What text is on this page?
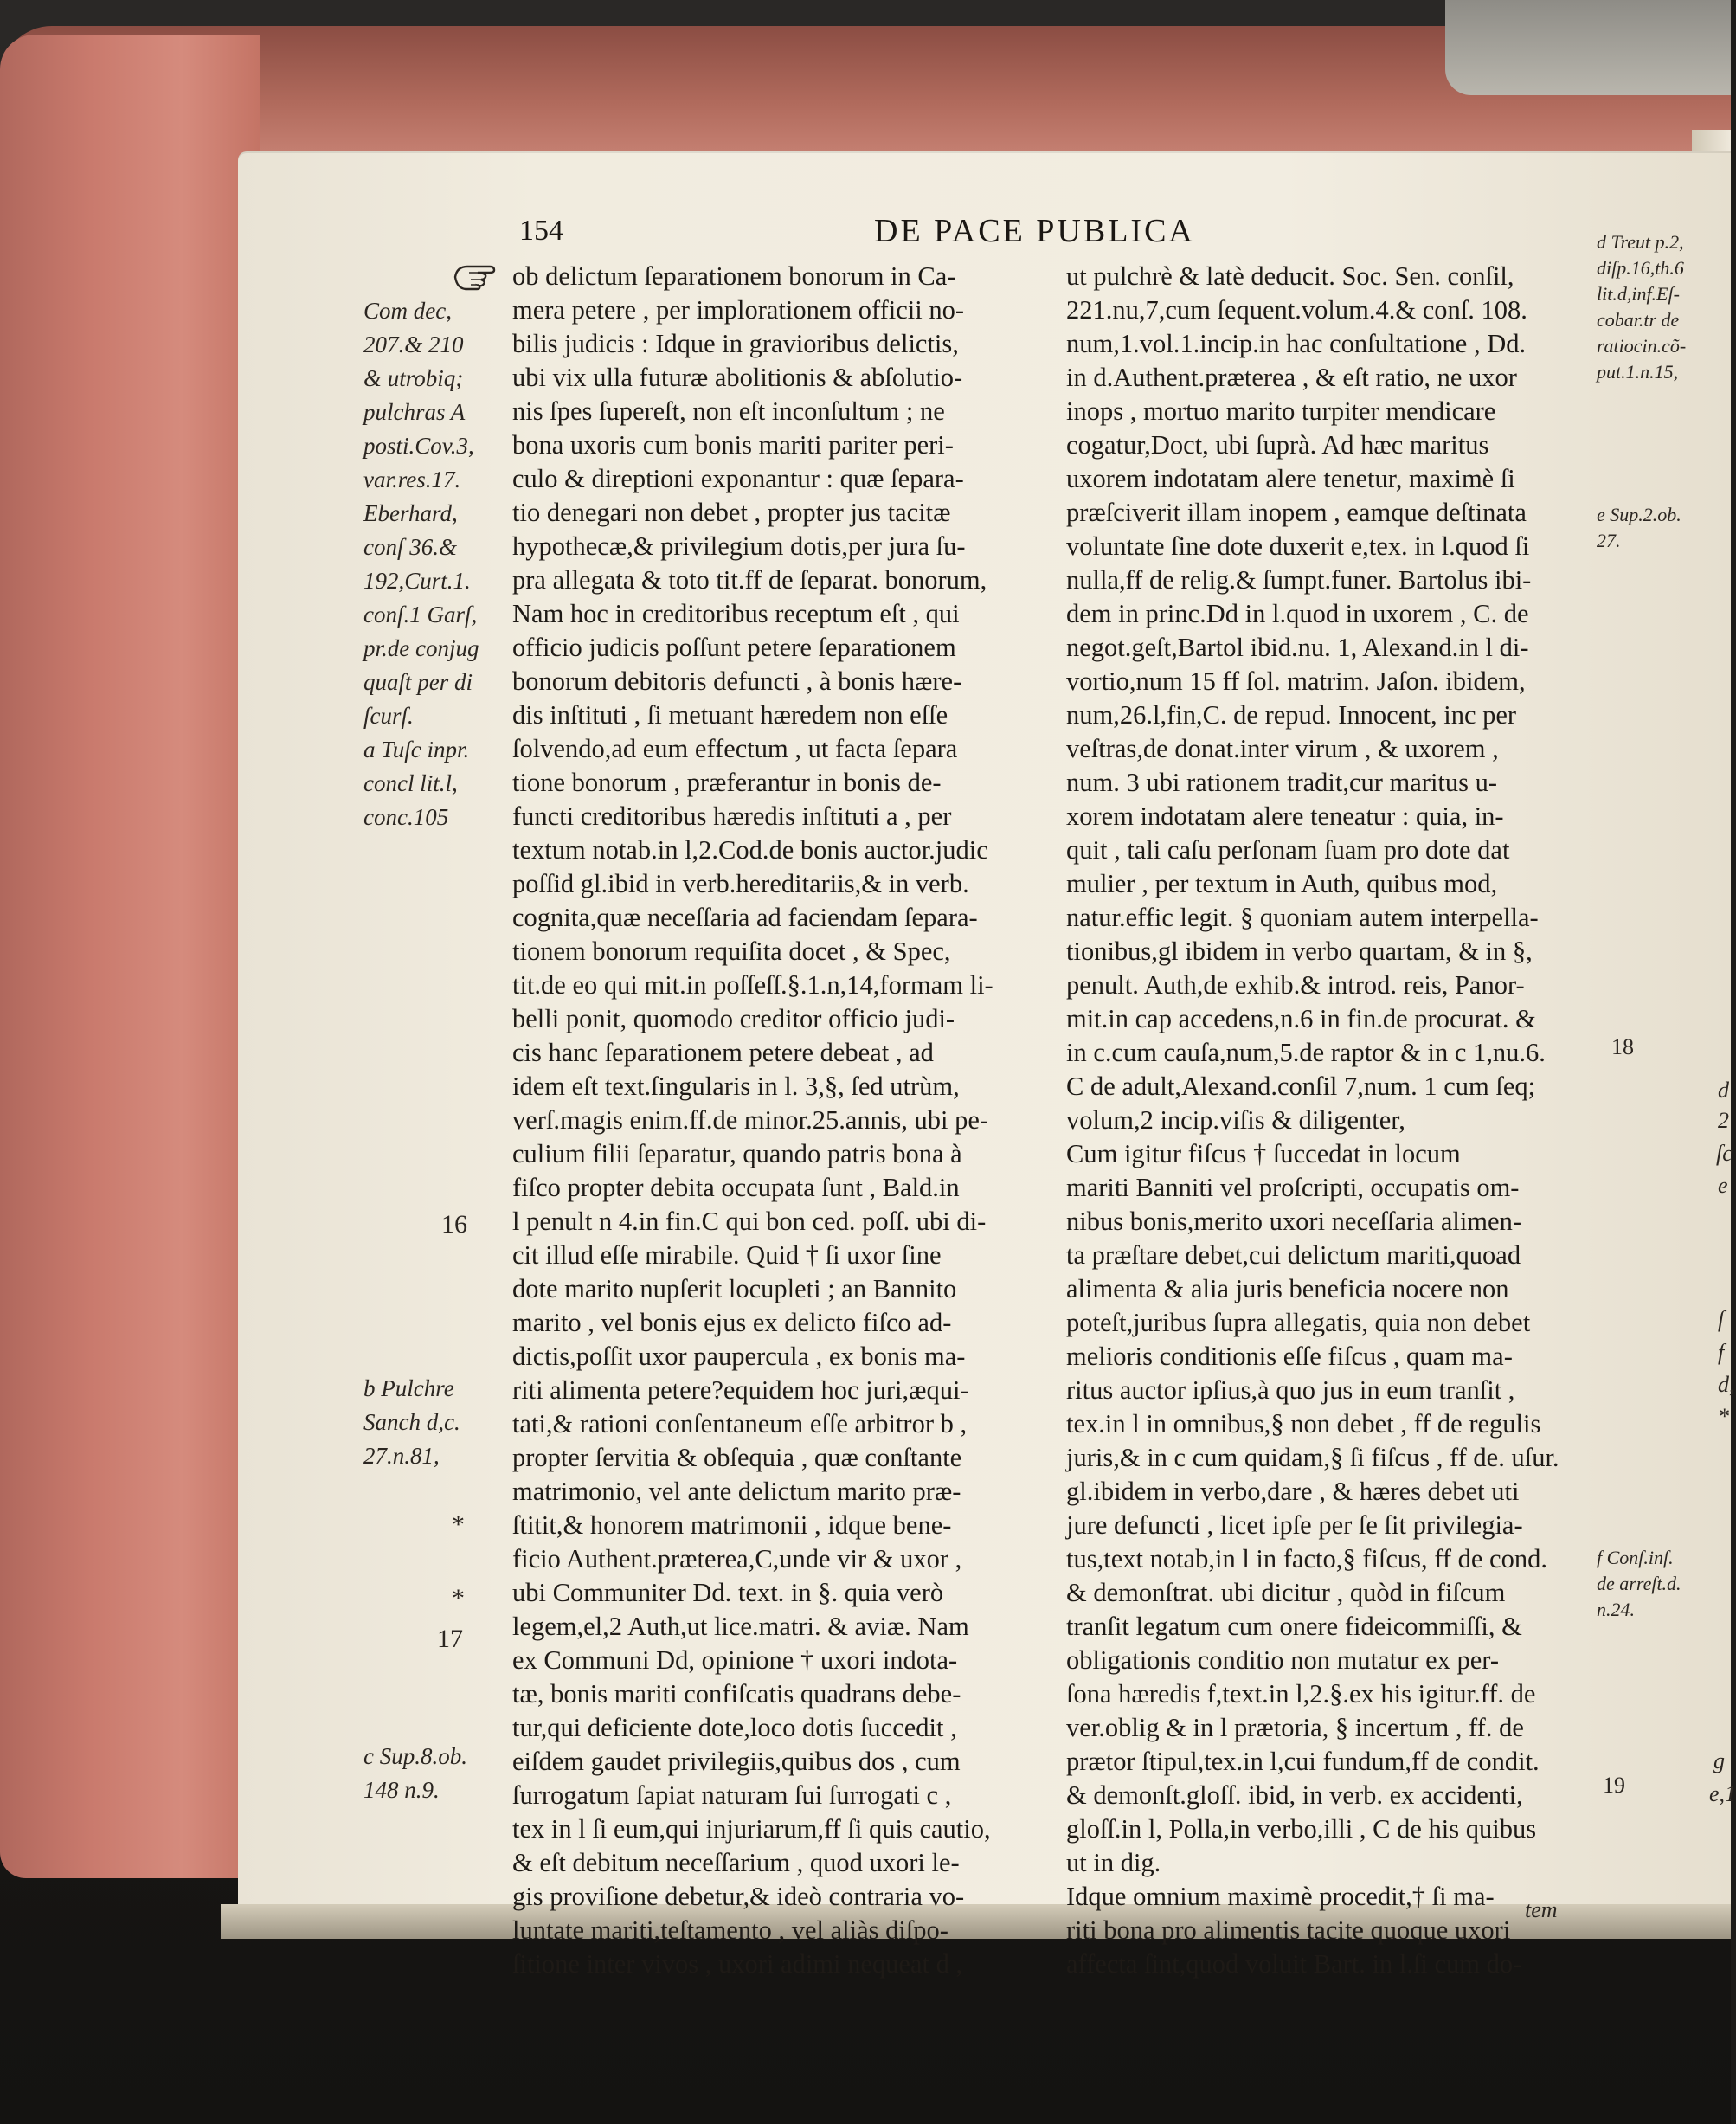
154	DE PACE PUBLICA
Com dec,
207.& 210
& utrobiq;
pulchras A
posti.Cov.3,
var.res.17.
Eberhard,
conſ 36.&
192,Curt.1.
conſ.1 Garſ,
pr.de conjug
quaſt per di
ſcurſ.
a Tuſc inpr.
concl lit.l,
conc.105
16
*
*
17
b Pulchre
Sanch d,c.
27.n.81,
c Sup.8.ob.
148 n.9.
ob delictum ſeparationem bonorum in Ca-
mera petere , per implorationem officii no-
bilis judicis : Idque in gravioribus delictis,
ubi vix ulla futuræ abolitionis & abſolutio-
nis ſpes ſupereſt, non eſt inconſultum ; ne
bona uxoris cum bonis mariti pariter peri-
culo & direptioni exponantur : quæ ſepara-
tio denegari non debet , propter jus tacitæ
hypothecæ,& privilegium dotis,per jura ſu-
pra allegata & toto tit.ff de ſeparat. bonorum,
Nam hoc in creditoribus receptum eſt , qui
officio judicis poſſunt petere ſeparationem
bonorum debitoris defuncti , à bonis hære-
dis inſtituti , ſi metuant hæredem non eſſe
ſolvendo,ad eum effectum , ut facta ſepara
tione bonorum , præferantur in bonis de-
functi creditoribus hæredis inſtituti a , per
textum notab.in l,2.Cod.de bonis auctor.judic
poſſid gl.ibid in verb.hereditariis,& in verb.
cognita,quæ neceſſaria ad faciendam ſepara-
tionem bonorum requiſita docet , & Spec,
tit.de eo qui mit.in poſſeſſ.§.1.n,14,formam li-
belli ponit, quomodo creditor officio judi-
cis hanc ſeparationem petere debeat , ad
idem eſt text.ſingularis in l. 3,§, ſed utrùm,
verſ.magis enim.ff.de minor.25.annis, ubi pe-
culium filii ſeparatur, quando patris bona à
fiſco propter debita occupata ſunt , Bald.in
l penult n 4.in fin.C qui bon ced. poſſ. ubi di-
cit illud eſſe mirabile. Quid † ſi uxor ſine
dote marito nupſerit locupleti ; an Bannito
marito , vel bonis ejus ex delicto fiſco ad-
dictis,poſſit uxor paupercula , ex bonis ma-
riti alimenta petere?equidem hoc juri,æqui-
tati,& rationi conſentaneum eſſe arbitror b ,
propter ſervitia & obſequia , quæ conſtante
matrimonio, vel ante delictum marito præ-
ſtitit,& honorem matrimonii , idque bene-
ficio Authent.præterea,C,unde vir & uxor ,
ubi Communiter Dd. text. in §. quia verò
legem,el,2 Auth,ut lice.matri. & aviæ. Nam
ex Communi Dd, opinione † uxori indota-
tæ, bonis mariti confiſcatis quadrans debe-
tur,qui deficiente dote,loco dotis ſuccedit ,
eiſdem gaudet privilegiis,quibus dos , cum
ſurrogatum ſapiat naturam ſui ſurrogati c ,
tex in l ſi eum,qui injuriarum,ff ſi quis cautio,
& eſt debitum neceſſarium , quod uxori le-
gis proviſione debetur,& ideò contraria vo-
luntate mariti,teſtamento , vel aliàs diſpo-
ſitione inter vivos , uxori adimi nequeat d ,
ut pulchrè & latè deducit. Soc. Sen. conſil,
221.nu,7,cum ſequent.volum.4.& conſ. 108.
num,1.vol.1.incip.in hac conſultatione , Dd.
in d.Authent.præterea , & eſt ratio, ne uxor
inops , mortuo marito turpiter mendicare
cogatur,Doct, ubi ſuprà. Ad hæc maritus
uxorem indotatam alere tenetur, maximè ſi
præſciverit illam inopem , eamque deſtinata
voluntate ſine dote duxerit e,tex. in l.quod ſi
nulla,ff de relig.& ſumpt.funer. Bartolus ibi-
dem in princ.Dd in l.quod in uxorem , C. de
negot.geſt,Bartol ibid.nu. 1, Alexand.in l di-
vortio,num 15 ff ſol. matrim. Jaſon. ibidem,
num,26.l,fin,C. de repud. Innocent, inc per
veſtras,de donat.inter virum , & uxorem ,
num. 3 ubi rationem tradit,cur maritus u-
xorem indotatam alere teneatur : quia, in-
quit , tali caſu perſonam ſuam pro dote dat
mulier , per textum in Auth, quibus mod,
natur.effic legit. § quoniam autem interpella-
tionibus,gl ibidem in verbo quartam, & in §,
penult. Auth,de exhib.& introd. reis, Panor-
mit.in cap accedens,n.6 in fin.de procurat. &
in c.cum cauſa,num,5.de raptor & in c 1,nu.6.
C de adult,Alexand.conſil 7,num. 1 cum ſeq;
volum,2 incip.viſis & diligenter,
Cum igitur fiſcus † ſuccedat in locum
mariti Banniti vel proſcripti, occupatis om-
nibus bonis,merito uxori neceſſaria alimen-
ta præſtare debet,cui delictum mariti,quoad
alimenta & alia juris beneficia nocere non
poteſt,juribus ſupra allegatis, quia non debet
melioris conditionis eſſe fiſcus , quam ma-
ritus auctor ipſius,à quo jus in eum tranſit ,
tex.in l in omnibus,§ non debet , ff de regulis
juris,& in c cum quidam,§ ſi fiſcus , ff de. uſur.
gl.ibidem in verbo,dare , & hæres debet uti
jure defuncti , licet ipſe per ſe ſit privilegia-
tus,text notab,in l in facto,§ fiſcus, ff de cond.
& demonſtrat. ubi dicitur , quòd in fiſcum
tranſit legatum cum onere fideicommiſſi, &
obligationis conditio non mutatur ex per-
ſona hæredis f,text.in l,2.§.ex his igitur.ff. de
ver.oblig & in l prætoria, § incertum , ff. de
prætor ſtipul,tex.in l,cui fundum,ff de condit.
& demonſt.gloſſ. ibid, in verb. ex accidenti,
gloſſ.in l, Polla,in verbo,illi , C de his quibus
ut in dig.
Idque omnium maximè procedit,† ſi ma-
riti bona pro alimentis tacite quoque uxori
affecta ſint,quod voluit Bart. in l.ſi cum do-
tem
d Treut p.2,
diſp.16,th.6
lit.d,inf.Eſ-
cobar.tr de
ratiocin.cõ-
put.1.n.15,
e Sup.2.ob.
27.
f Conſ.inſ.
de arreſt.d.
n.24.
18
19
d
2
ſc
e
ſ
f
d,
*
g
e,1
